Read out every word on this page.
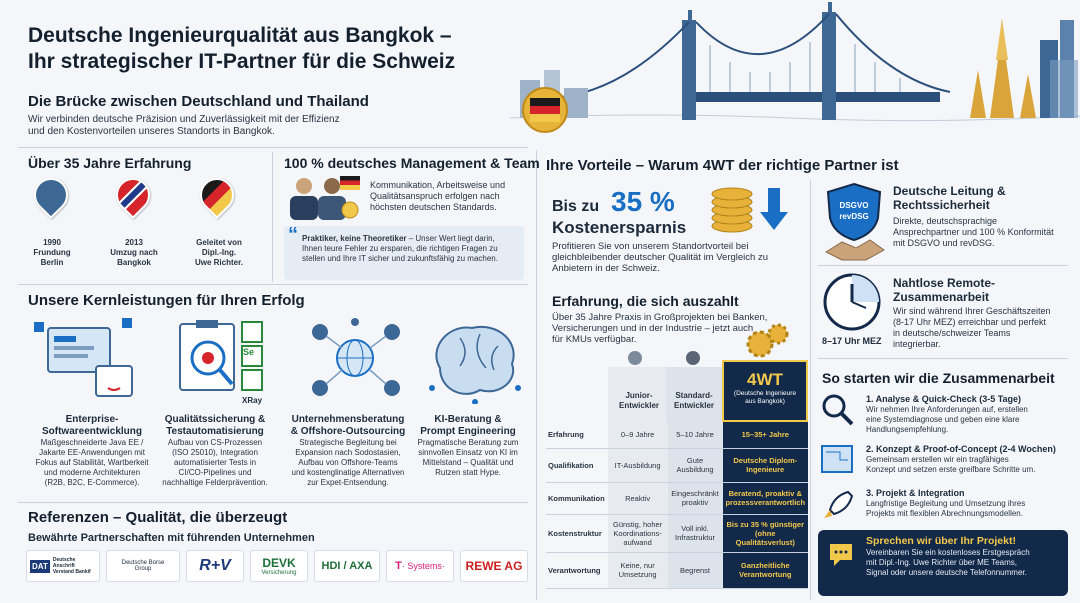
Deutsche Ingenieurqualität aus Bangkok –
Ihr strategischer IT-Partner für die Schweiz
Die Brücke zwischen Deutschland und Thailand
Wir verbinden deutsche Präzision und Zuverlässigkeit mit der Effizienz
und den Kostenvorteilen unseres Standorts in Bangkok.
Über 35 Jahre Erfahrung
1990
Frundung
Berlin
2013
Umzug nach
Bangkok
Geleitet von
Dipl.-Ing.
Uwe Richter.
100 % deutsches Management & Team
Kommunikation, Arbeitsweise und
Qualitätsanspruch erfolgen nach
höchsten deutschen Standards.
“ Praktiker, keine Theoretiker – Unser Wert liegt darin,
Ihnen teure Fehler zu ersparen, die richtigen Fragen zu
stellen und Ihre IT sicher und zukunftsfähig zu machen.
Unsere Kernleistungen für Ihren Erfolg
Se
XRay
Enterprise-
Softwareentwicklung
Maßgeschneiderte Java EE /
Jakarte EE-Anwendungen mit
Fokus auf Stabilität, Wartberkeit
und moderne Architekturen
(R2B, B2C, E-Commerce).
Qualitätssicherung &
Testautomatisierung
Aufbau von CS-Prozessen
(ISO 25010), Integration
automatisierter Tests in
CI/CO-Pipelines und
nachhaltige Felderprävention.
Unternehmensberatung
& Offshore-Outsourcing
Strategische Begleitung bei
Expansion nach Sodostasien,
Aufbau von Offshore-Teams
und kostenglinatige Alternativen
zur Expet-Entsendung.
KI-Beratung &
Prompt Engineering
Pragmatische Beratung zum
sinnvollen Einsatz von KI im
Mittelstand – Qualität und
Rutzen statt Hype.
Referenzen – Qualität, die überzeugt
Bewährte Partnerschaften mit führenden Unternehmen
DAT
Deutsche
Anschrift
Verstand Bankif
Deutsche Borse
Group	R+V	DEVK
Versicherung
HDI / AXA	T · Systems·	REWE AG
Ihre Vorteile – Warum 4WT der richtige Partner ist
Bis zu 35 %
Kostenersparnis
Profitieren Sie von unserem Standortvorteil bei
gleichbleibender deutscher Qualität im Vergleich zu
Anbietern in der Schweiz.
Erfahrung, die sich auszahlt
Über 35 Jahre Praxis in Großprojekten bei Banken,
Versicherungen und in der Industrie – jetzt auch
für KMUs verfügbar.
Junior-
Entwickler
Standard-
Entwickler
4WT
(Deutsche Ingenieure
aus Bangkok)
Erfahrung	0–9 Jahre	5–10 Jahre	15–35+ Jahre
Qualifikation	IT-Ausbildung	Gute Ausbildung	Deutsche Diplom-Ingenieure
Kommunikation	Reaktiv	Eingeschränkt proaktiv	Beratend, proaktiv & prozessverantwortlich
Kostenstruktur	Günstig, hoher Koordinations-aufwand	Voll inkl. Infrastruktur	Bis zu 35 % günstiger (ohne Qualitätsverlust)
Verantwortung	Keine, nur Umsetzung	Begrenst	Ganzheitliche Verantwortung
DSGVO
revDSG
Deutsche Leitung &
Rechtssicherheit
Direkte, deutschsprachige
Ansprechpartner und 100 % Konformität
mit DSGVO und revDSG.
8–17 Uhr MEZ
Nahtlose Remote-
Zusammenarbeit
Wir sind während Ihrer Geschäftszeiten
(8-17 Uhr MEZ) erreichbar und perfekt
in deutsche/schweizer Teams
integrierbar.
So starten wir die Zusammenarbeit
1. Analyse & Quick-Check (3-5 Tage)
Wir nehmen Ihre Anforderungen auf, erstellen
eine Systemdiagnose und geben eine klare
Handlungsempfehlung.
2. Konzept & Proof-of-Concept (2-4 Wochen)
Gemeinsam erstellen wir ein tragfähiges
Konzept und setzen erste greifbare Schritte um.
3. Projekt & Integration
Langfristige Begleitung und Umsetzung ihres
Projekts mit flexiblen Abrechnungsmodellen.
Sprechen wir über Ihr Projekt!
Vereinbaren Sie ein kostenloses Erstgespräch
mit Dipl.-Ing. Uwe Richter über ME Teams,
Signal oder unsere deutsche Telefonnummer.
